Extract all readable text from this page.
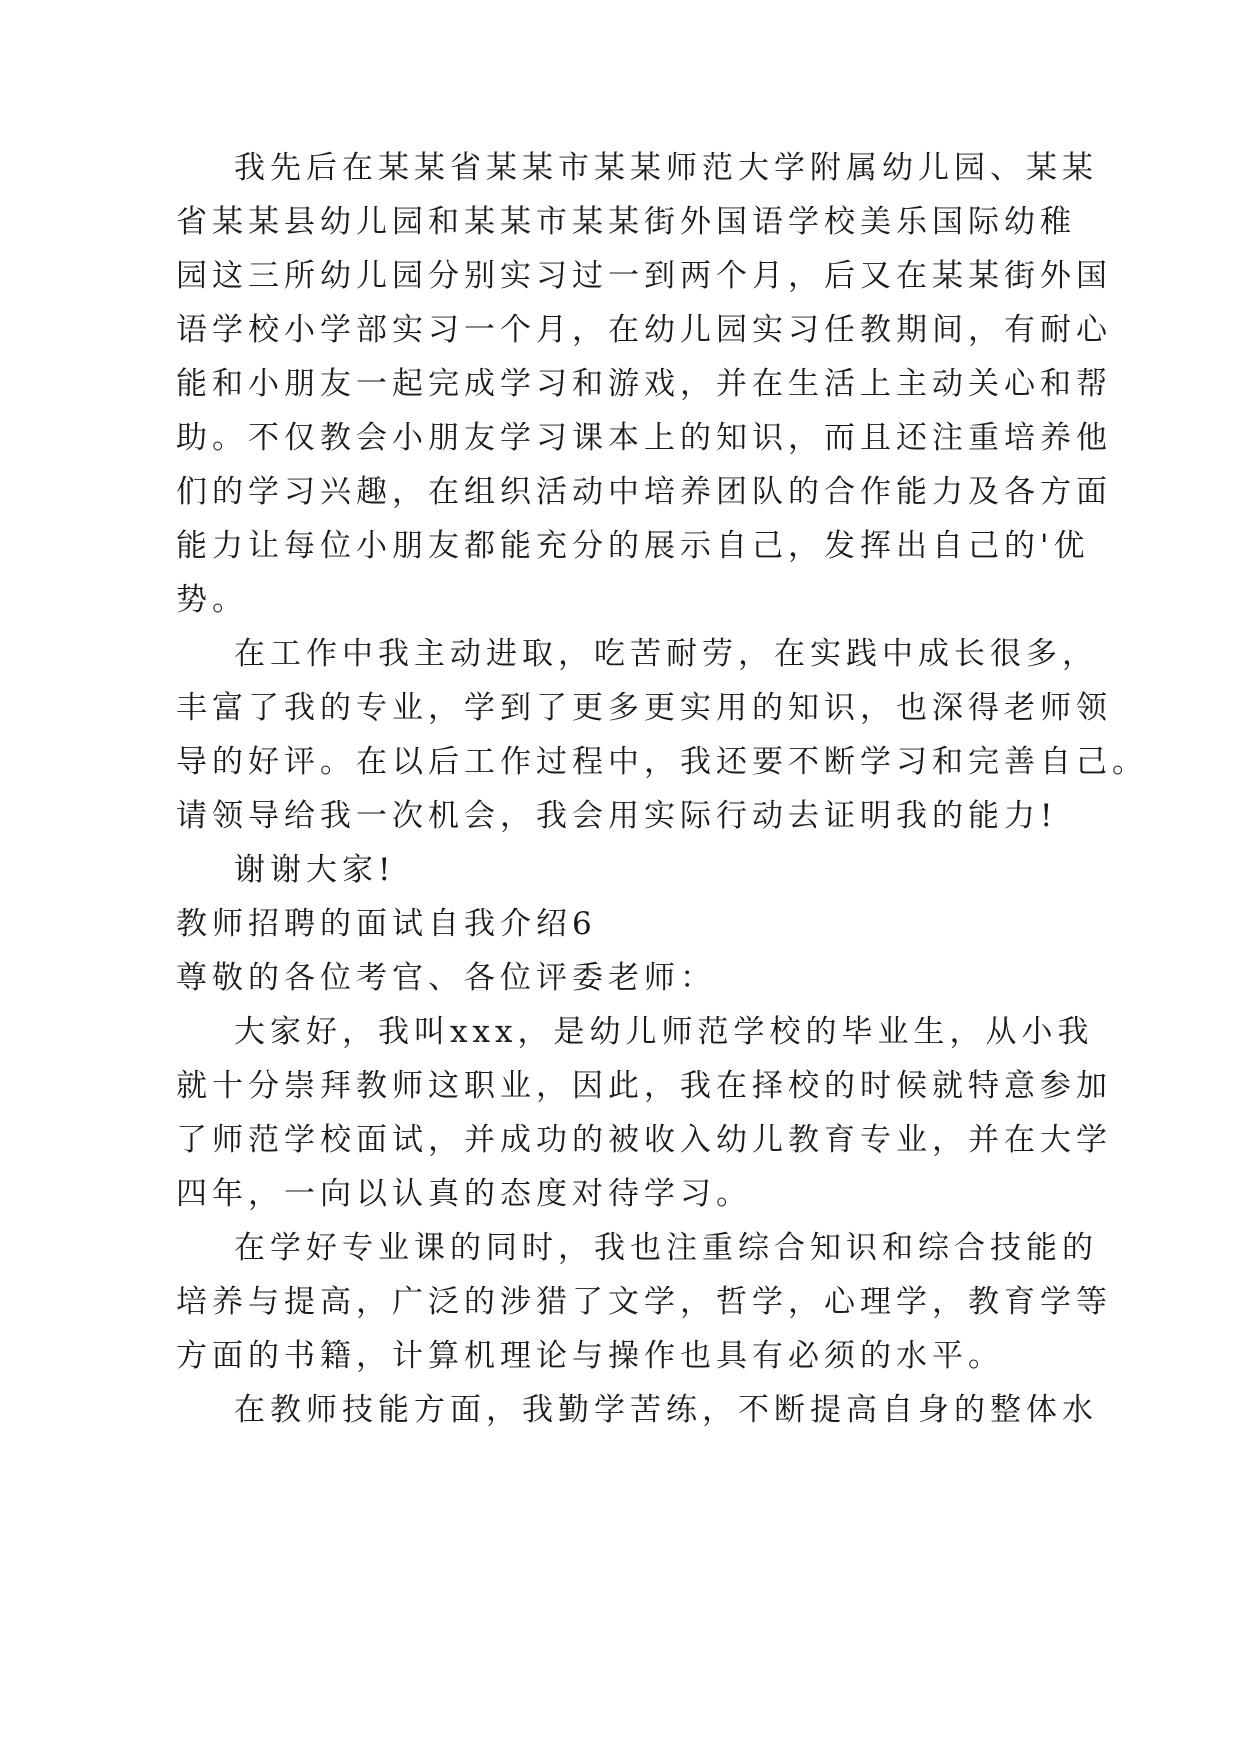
我先后在某某省某某市某某师范大学附属幼儿园、某某
省某某县幼儿园和某某市某某街外国语学校美乐国际幼稚
园这三所幼儿园分别实习过一到两个月，后又在某某街外国
语学校小学部实习一个月，在幼儿园实习任教期间，有耐心
能和小朋友一起完成学习和游戏，并在生活上主动关心和帮
助。不仅教会小朋友学习课本上的知识，而且还注重培养他
们的学习兴趣，在组织活动中培养团队的合作能力及各方面
能力让每位小朋友都能充分的展示自己，发挥出自己的'优
势。
在工作中我主动进取，吃苦耐劳，在实践中成长很多，
丰富了我的专业，学到了更多更实用的知识，也深得老师领
导的好评。在以后工作过程中，我还要不断学习和完善自己。
请领导给我一次机会，我会用实际行动去证明我的能力!
谢谢大家!
教师招聘的面试自我介绍6
尊敬的各位考官、各位评委老师：
大家好，我叫xxx，是幼儿师范学校的毕业生，从小我
就十分崇拜教师这职业，因此，我在择校的时候就特意参加
了师范学校面试，并成功的被收入幼儿教育专业，并在大学
四年，一向以认真的态度对待学习。
在学好专业课的同时，我也注重综合知识和综合技能的
培养与提高，广泛的涉猎了文学，哲学，心理学，教育学等
方面的书籍，计算机理论与操作也具有必须的水平。
在教师技能方面，我勤学苦练，不断提高自身的整体水
